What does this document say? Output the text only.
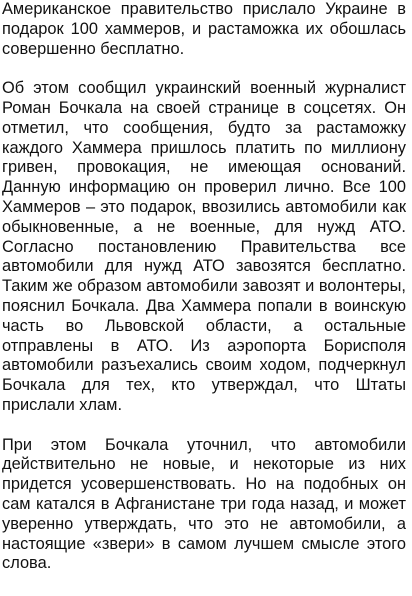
Американское правительство прислало Украине в подарок 100 хаммеров, и растаможка их обошлась совершенно бесплатно.

Об этом сообщил украинский военный журналист Роман Бочкала на своей странице в соцсетях. Он отметил, что сообщения, будто за растаможку каждого Хаммера пришлось платить по миллиону гривен, провокация, не имеющая оснований. Данную информацию он проверил лично. Все 100 Хаммеров – это подарок, ввозились автомобили как обыкновенные, а не военные, для нужд АТО. Согласно постановлению Правительства все автомобили для нужд АТО завозятся бесплатно. Таким же образом автомобили завозят и волонтеры, пояснил Бочкала. Два Хаммера попали в воинскую часть во Львовской области, а остальные отправлены в АТО. Из аэропорта Борисполя автомобили разъехались своим ходом, подчеркнул Бочкала для тех, кто утверждал, что Штаты прислали хлам.

При этом Бочкала уточнил, что автомобили действительно не новые, и некоторые из них придется усовершенствовать. Но на подобных он сам катался в Афганистане три года назад, и может уверенно утверждать, что это не автомобили, а настоящие «звери» в самом лучшем смысле этого слова.
